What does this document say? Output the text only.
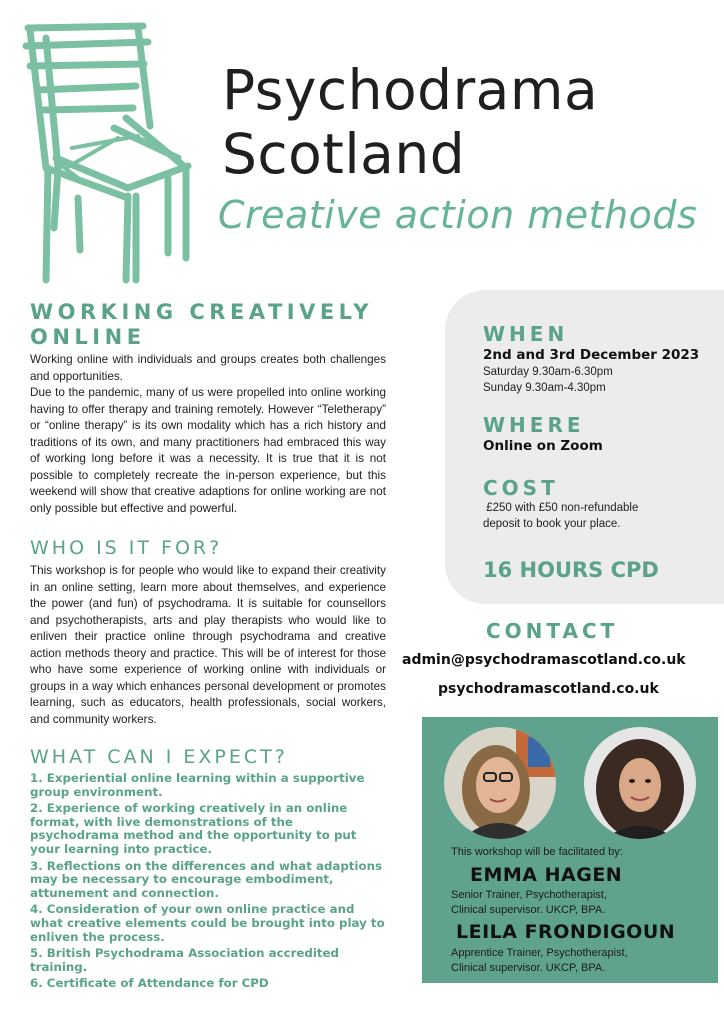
Psychodrama
Scotland
Creative action methods
WORKING CREATIVELY
ONLINE

Working online with individuals and groups creates both challenges and opportunities.

Due to the pandemic, many of us were propelled into online working having to offer therapy and training remotely. However “Teletherapy” or “online therapy” is its own modality which has a rich history and traditions of its own, and many practitioners had embraced this way of working long before it was a necessity. It is true that it is not possible to completely recreate the in-person experience, but this weekend will show that creative adaptions for online working are not only possible but effective and powerful.

WHO IS IT FOR?

This workshop is for people who would like to expand their creativity in an online setting, learn more about themselves, and experience the power (and fun) of psychodrama. It is suitable for counsellors and psychotherapists, arts and play therapists who would like to enliven their practice online through psychodrama and creative action methods theory and practice. This will be of interest for those who have some experience of working online with individuals or groups in a way which enhances personal development or promotes learning, such as educators, health professionals, social workers, and community workers.

WHAT CAN I EXPECT?
1. Experiential online learning within a supportive group environment.
2. Experience of working creatively in an online format, with live demonstrations of the psychodrama method and the opportunity to put your learning into practice.
3. Reflections on the differences and what adaptions may be necessary to encourage embodiment, attunement and connection.
4. Consideration of your own online practice and what creative elements could be brought into play to enliven the process.
5. British Psychodrama Association accredited training.
6. Certificate of Attendance for CPD
WHEN
2nd and 3rd December 2023
Saturday 9.30am-6.30pm
Sunday 9.30am-4.30pm
WHERE
Online on Zoom
COST
£250 with £50 non-refundable
deposit to book your place.
16 HOURS CPD
CONTACT
admin@psychodramascotland.co.uk
psychodramascotland.co.uk
This workshop will be facilitated by:
EMMA HAGEN
Senior Trainer, Psychotherapist,
Clinical supervisor. UKCP, BPA.
LEILA FRONDIGOUN
Apprentice Trainer, Psychotherapist,
Clinical supervisor. UKCP, BPA.
